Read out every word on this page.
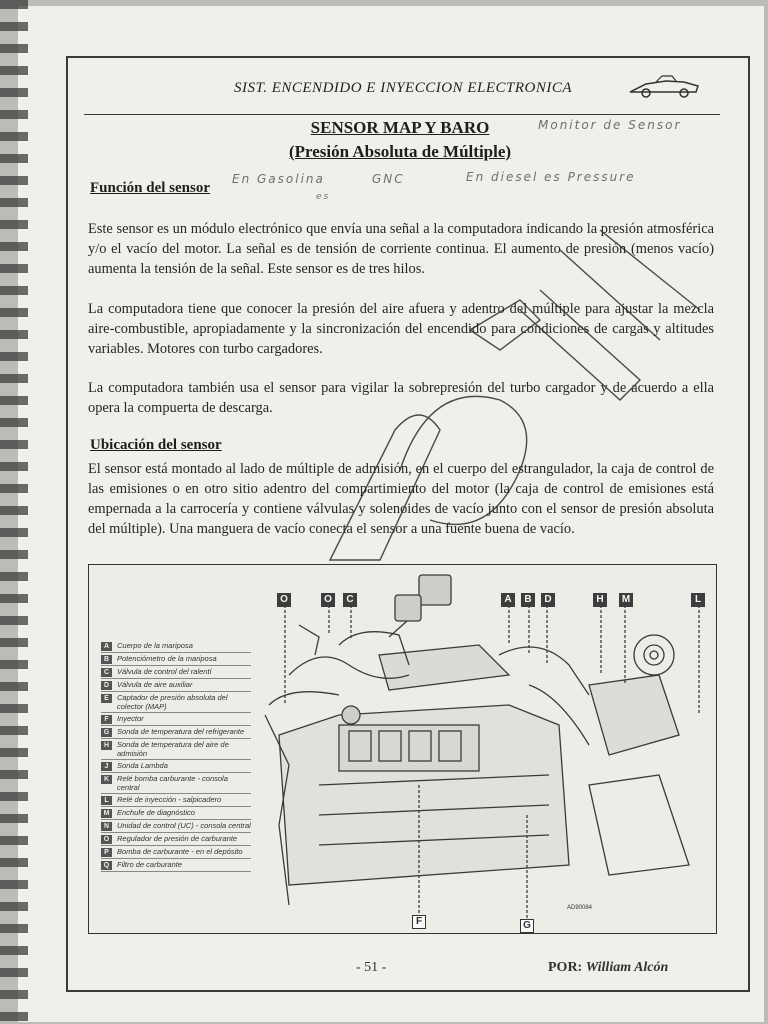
SIST. ENCENDIDO E INYECCION ELECTRONICA
SENSOR MAP Y BARO
(Presión Absoluta de Múltiple)
Monitor de Sensor
En Gasolina	GNC
es
En diesel es Pressure
Función del sensor

Este sensor es un módulo electrónico que envía una señal a la computadora indicando la presión atmosférica y/o el vacío del motor. La señal es de tensión de corriente continua. El aumento de presión (menos vacío) aumenta la tensión de la señal. Este sensor es de tres hilos.

La computadora tiene que conocer la presión del aire afuera y adentro del múltiple para ajustar la mezcla aire-combustible, apropiadamente y la sincronización del encendido para condiciones de cargas y altitudes variables. Motores con turbo cargadores.

La computadora también usa el sensor para vigilar la sobrepresión del turbo cargador y de acuerdo a ella opera la compuerta de descarga.

Ubicación del sensor

El sensor está montado al lado de múltiple de admisión, en el cuerpo del estrangulador, la caja de control de las emisiones o en otro sitio adentro del compartimiento del motor (la caja de control de emisiones está empernada a la carrocería y contiene válvulas y solenoides de vacío junto con el sensor de presión absoluta del múltiple). Una manguera de vacío conecta el sensor a una fuente buena de vacío.

O	O	C	A	B	D	H	M	L
F	G
AD90084
A	Cuerpo de la mariposa
B	Potenciómetro de la mariposa
C	Válvula de control del ralentí
D	Válvula de aire auxiliar
E	Captador de presión absoluta del colector (MAP)
F	Inyector
G	Sonda de temperatura del refrigerante
H	Sonda de temperatura del aire de admisión
J	Sonda Lambda
K	Relé bomba carburante - consola central
L	Relé de inyección - salpicadero
M	Enchufe de diagnóstico
N	Unidad de control (UC) - consola central
O	Regulador de presión de carburante
P	Bomba de carburante - en el depósito
Q	Filtro de carburante
- 51 -	POR: William Alcón
